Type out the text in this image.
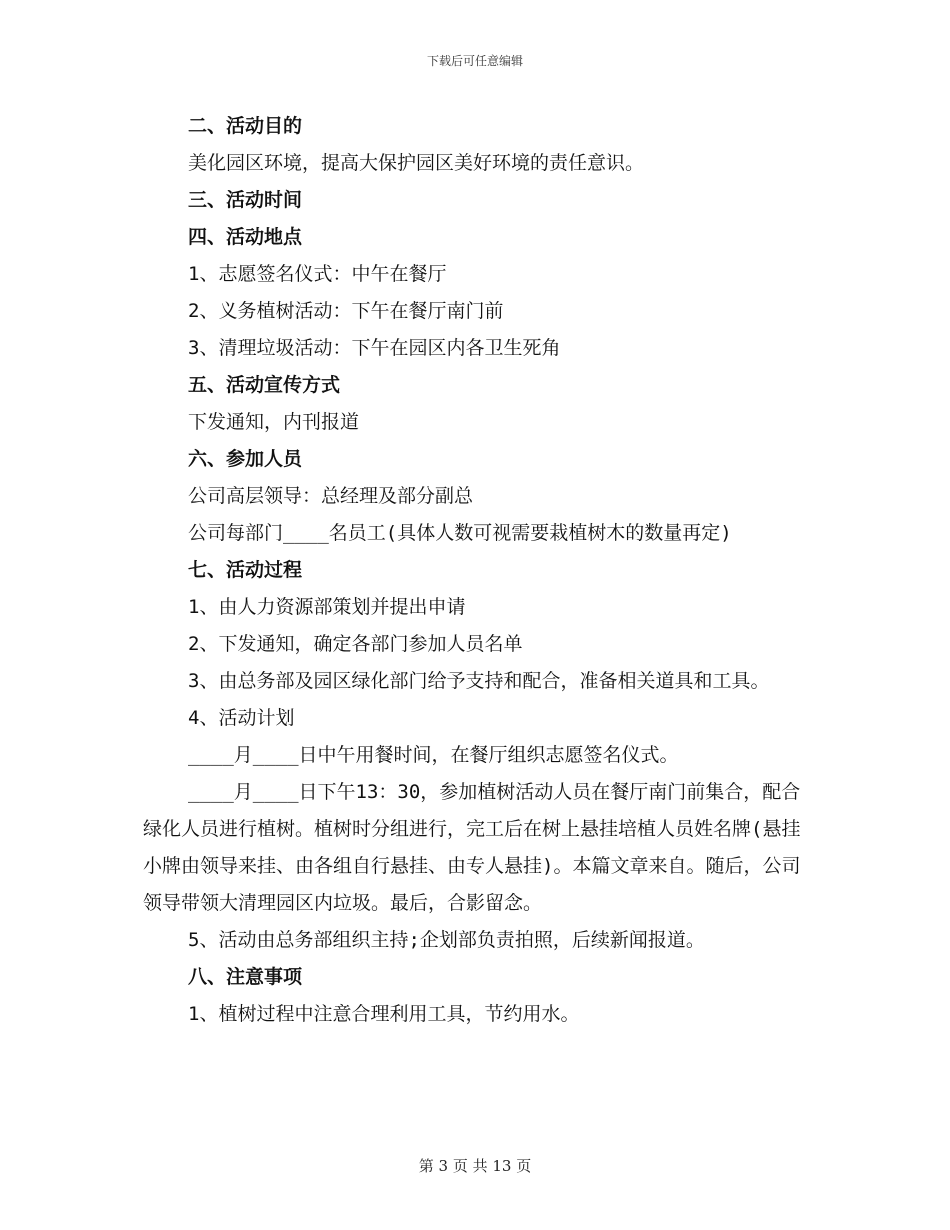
下载后可任意编辑
二、活动目的
美化园区环境，提高大保护园区美好环境的责任意识。
三、活动时间
四、活动地点
1、志愿签名仪式：中午在餐厅
2、义务植树活动：下午在餐厅南门前
3、清理垃圾活动：下午在园区内各卫生死角
五、活动宣传方式
下发通知，内刊报道
六、参加人员
公司高层领导：总经理及部分副总
公司每部门____名员工(具体人数可视需要栽植树木的数量再定)
七、活动过程
1、由人力资源部策划并提出申请
2、下发通知，确定各部门参加人员名单
3、由总务部及园区绿化部门给予支持和配合，准备相关道具和工具。
4、活动计划
____月____日中午用餐时间，在餐厅组织志愿签名仪式。
____月____日下午13：30，参加植树活动人员在餐厅南门前集合，配合绿化人员进行植树。植树时分组进行，完工后在树上悬挂培植人员姓名牌(悬挂小牌由领导来挂、由各组自行悬挂、由专人悬挂)。本篇文章来自。随后，公司领导带领大清理园区内垃圾。最后，合影留念。
5、活动由总务部组织主持;企划部负责拍照，后续新闻报道。
八、注意事项
1、植树过程中注意合理利用工具，节约用水。
第 3 页 共 13 页
